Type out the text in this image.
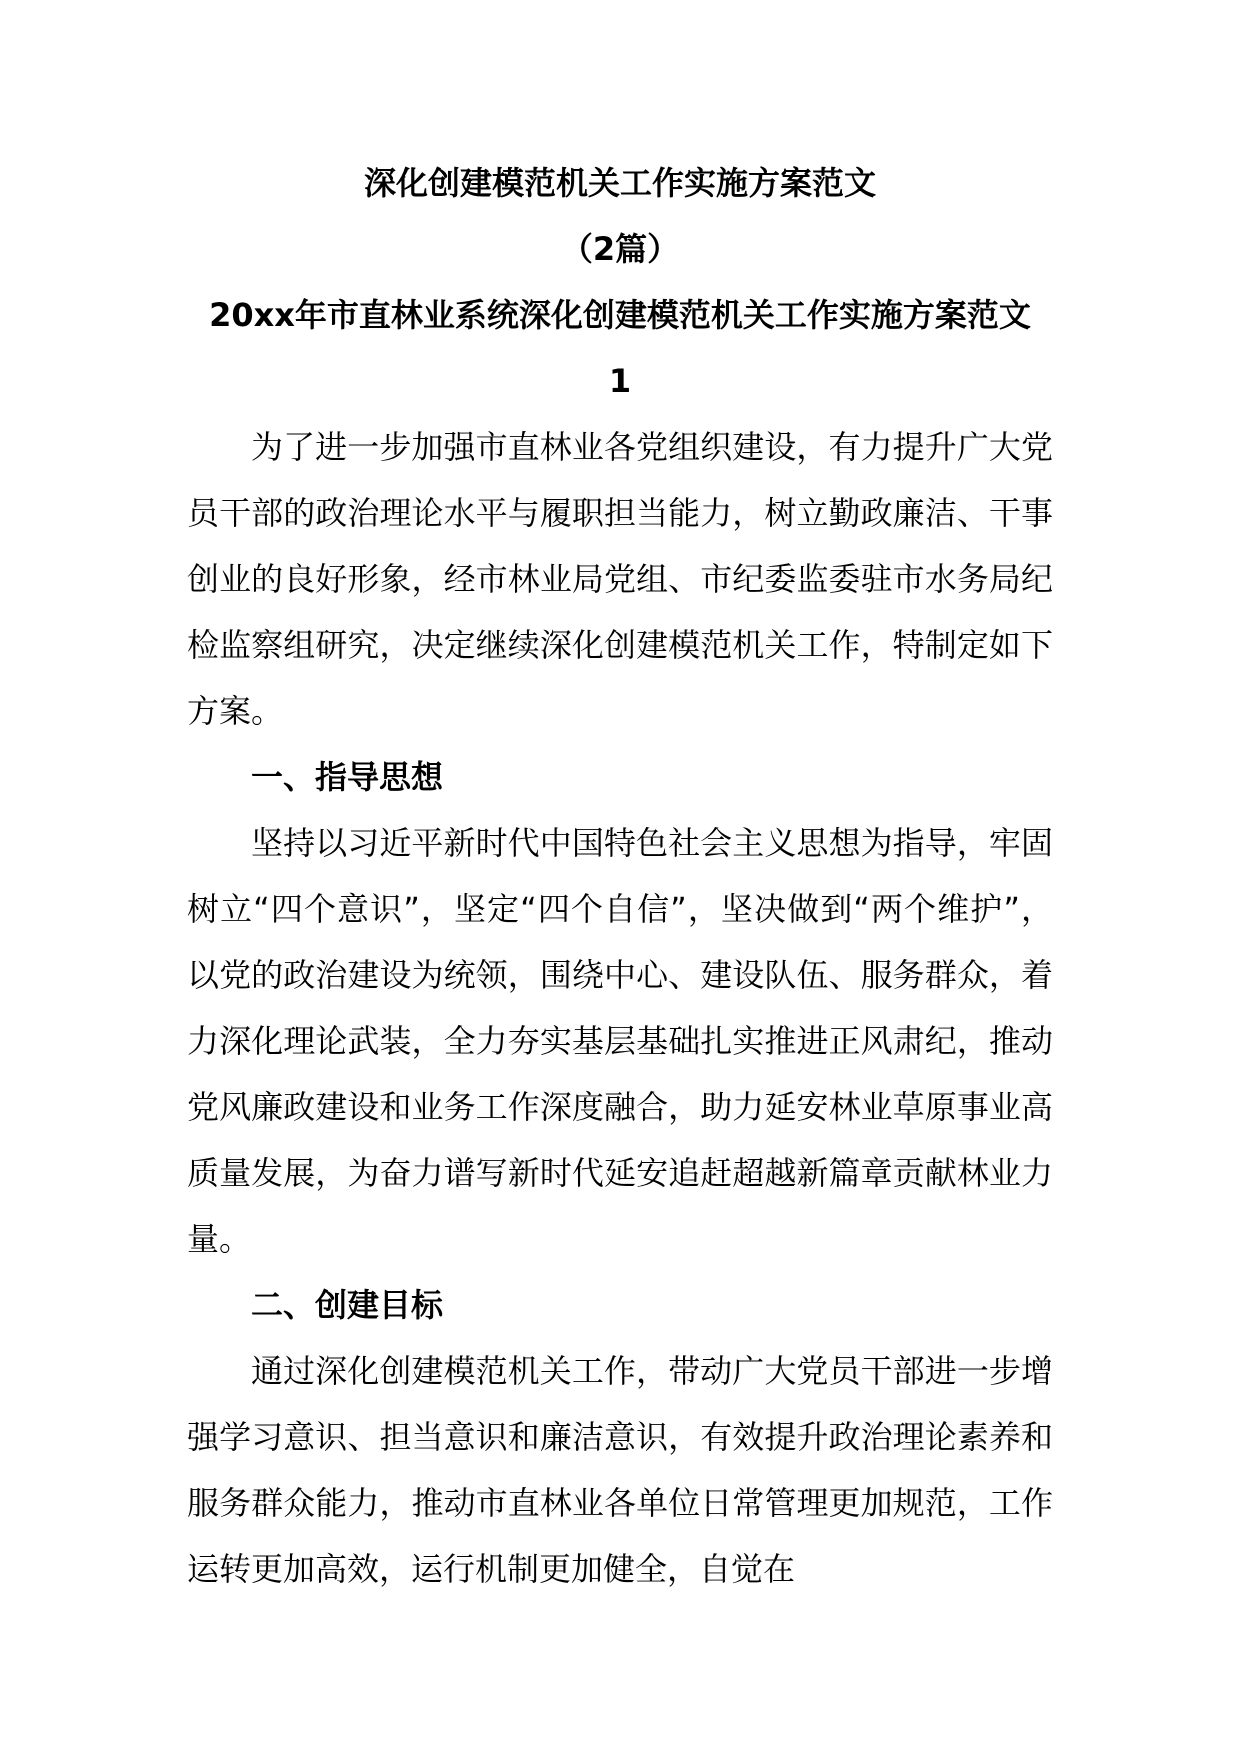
深化创建模范机关工作实施方案范文

（2篇）

20xx年市直林业系统深化创建模范机关工作实施方案范文

1

为了进一步加强市直林业各党组织建设，有力提升广大党员干部的政治理论水平与履职担当能力，树立勤政廉洁、干事创业的良好形象，经市林业局党组、市纪委监委驻市水务局纪检监察组研究，决定继续深化创建模范机关工作，特制定如下方案。

一、指导思想

坚持以习近平新时代中国特色社会主义思想为指导，牢固树立“四个意识”，坚定“四个自信”，坚决做到“两个维护”，以党的政治建设为统领，围绕中心、建设队伍、服务群众，着力深化理论武装，全力夯实基层基础扎实推进正风肃纪，推动党风廉政建设和业务工作深度融合，助力延安林业草原事业高质量发展，为奋力谱写新时代延安追赶超越新篇章贡献林业力量。

二、创建目标

通过深化创建模范机关工作，带动广大党员干部进一步增强学习意识、担当意识和廉洁意识，有效提升政治理论素养和服务群众能力，推动市直林业各单位日常管理更加规范，工作运转更加高效，运行机制更加健全，自觉在
